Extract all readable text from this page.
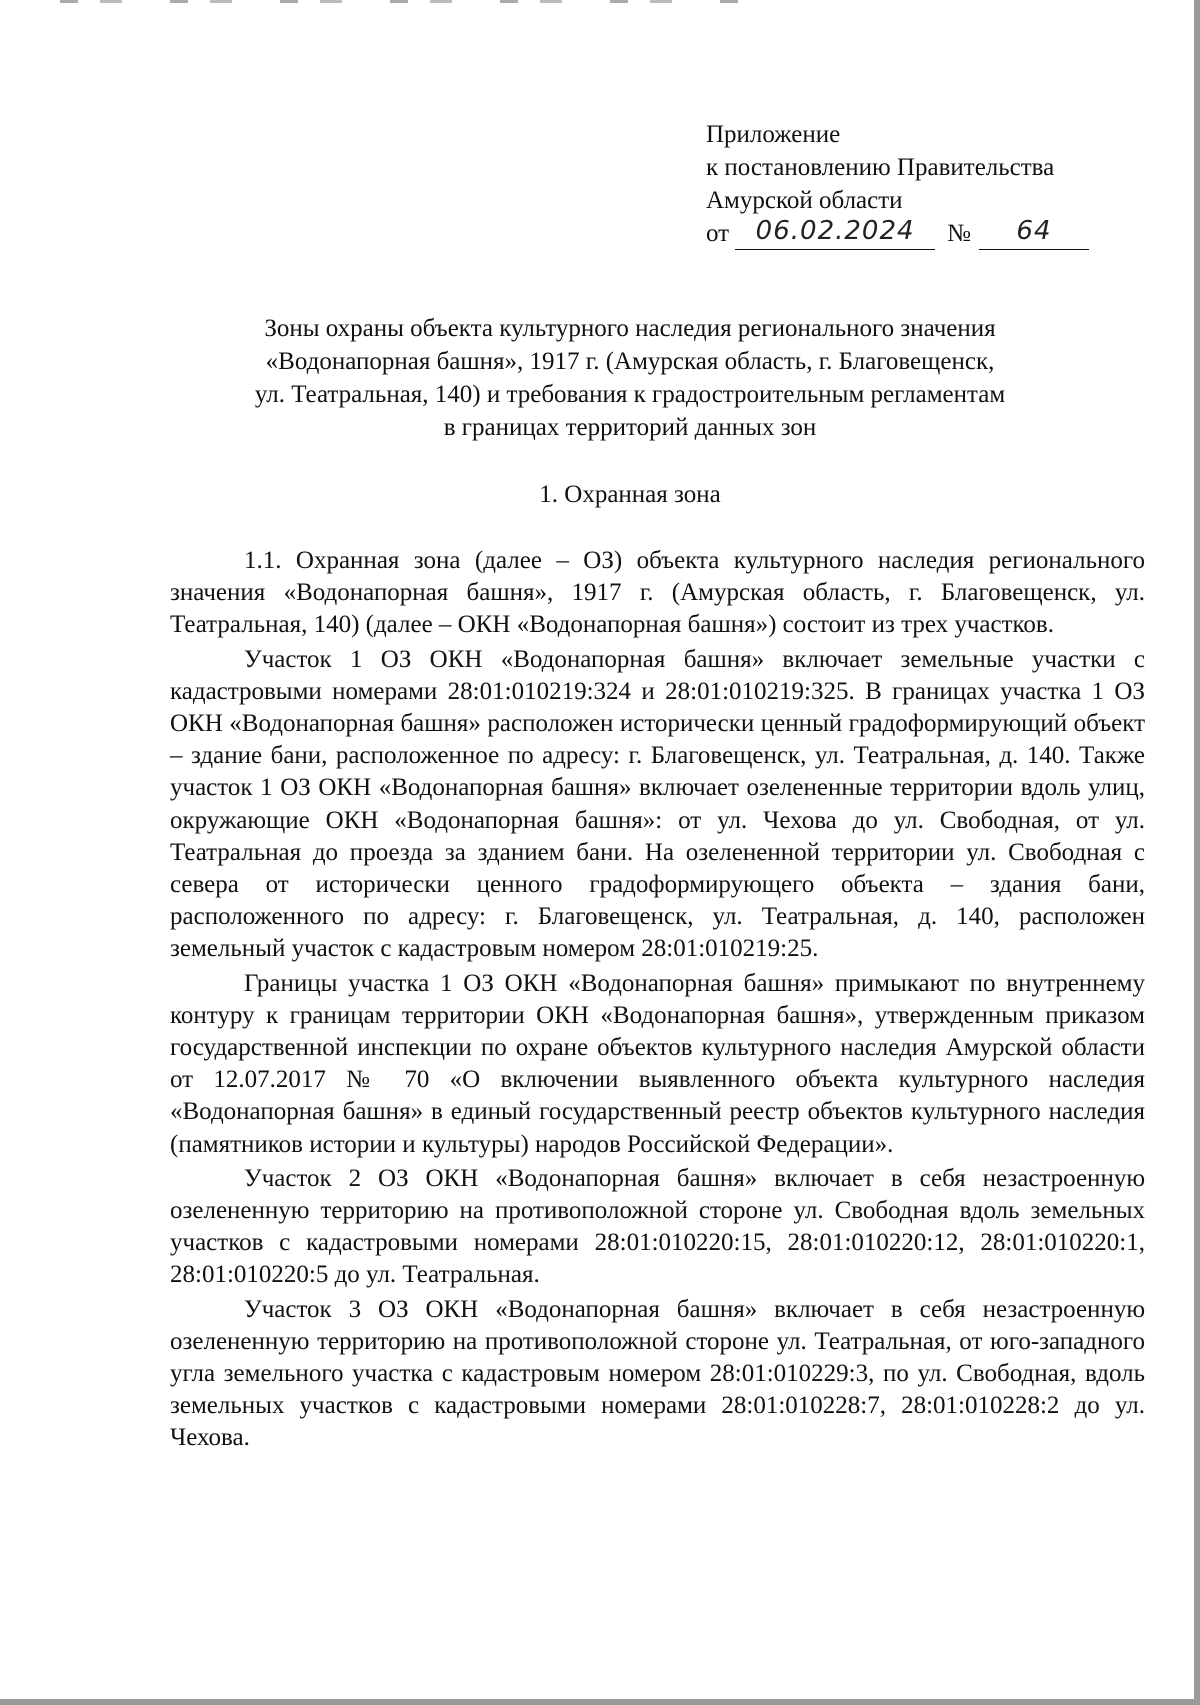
Приложение
к постановлению Правительства
Амурской области
от	06.02.2024	№	64
Зоны охраны объекта культурного наследия регионального значения
«Водонапорная башня», 1917 г. (Амурская область, г. Благовещенск,
ул. Театральная, 140) и требования к градостроительным регламентам
в границах территорий данных зон
1. Охранная зона

1.1. Охранная зона (далее – ОЗ) объекта культурного наследия регионального значения «Водонапорная башня», 1917 г. (Амурская область, г. Благовещенск, ул. Театральная, 140) (далее – ОКН «Водонапорная башня») состоит из трех участков.

Участок 1 ОЗ ОКН «Водонапорная башня» включает земельные участки с кадастровыми номерами 28:01:010219:324 и 28:01:010219:325. В границах участка 1 ОЗ ОКН «Водонапорная башня» расположен исторически ценный градоформирующий объект – здание бани, расположенное по адресу: г. Благовещенск, ул. Театральная, д. 140. Также участок 1 ОЗ ОКН «Водонапорная башня» включает озелененные территории вдоль улиц, окружающие ОКН «Водонапорная башня»: от ул. Чехова до ул. Свободная, от ул. Театральная до проезда за зданием бани. На озелененной территории ул. Свободная с севера от исторически ценного градоформирующего объекта – здания бани, расположенного по адресу: г. Благовещенск, ул. Театральная, д. 140, расположен земельный участок с кадастровым номером 28:01:010219:25.

Границы участка 1 ОЗ ОКН «Водонапорная башня» примыкают по внутреннему контуру к границам территории ОКН «Водонапорная башня», утвержденным приказом государственной инспекции по охране объектов культурного наследия Амурской области от 12.07.2017 № 70 «О включении выявленного объекта культурного наследия «Водонапорная башня» в единый государственный реестр объектов культурного наследия (памятников истории и культуры) народов Российской Федерации».

Участок 2 ОЗ ОКН «Водонапорная башня» включает в себя незастроенную озелененную территорию на противоположной стороне ул. Свободная вдоль земельных участков с кадастровыми номерами 28:01:010220:15, 28:01:010220:12, 28:01:010220:1, 28:01:010220:5 до ул. Театральная.

Участок 3 ОЗ ОКН «Водонапорная башня» включает в себя незастроенную озелененную территорию на противоположной стороне ул. Театральная, от юго-западного угла земельного участка с кадастровым номером 28:01:010229:3, по ул. Свободная, вдоль земельных участков с кадастровыми номерами 28:01:010228:7, 28:01:010228:2 до ул. Чехова.
